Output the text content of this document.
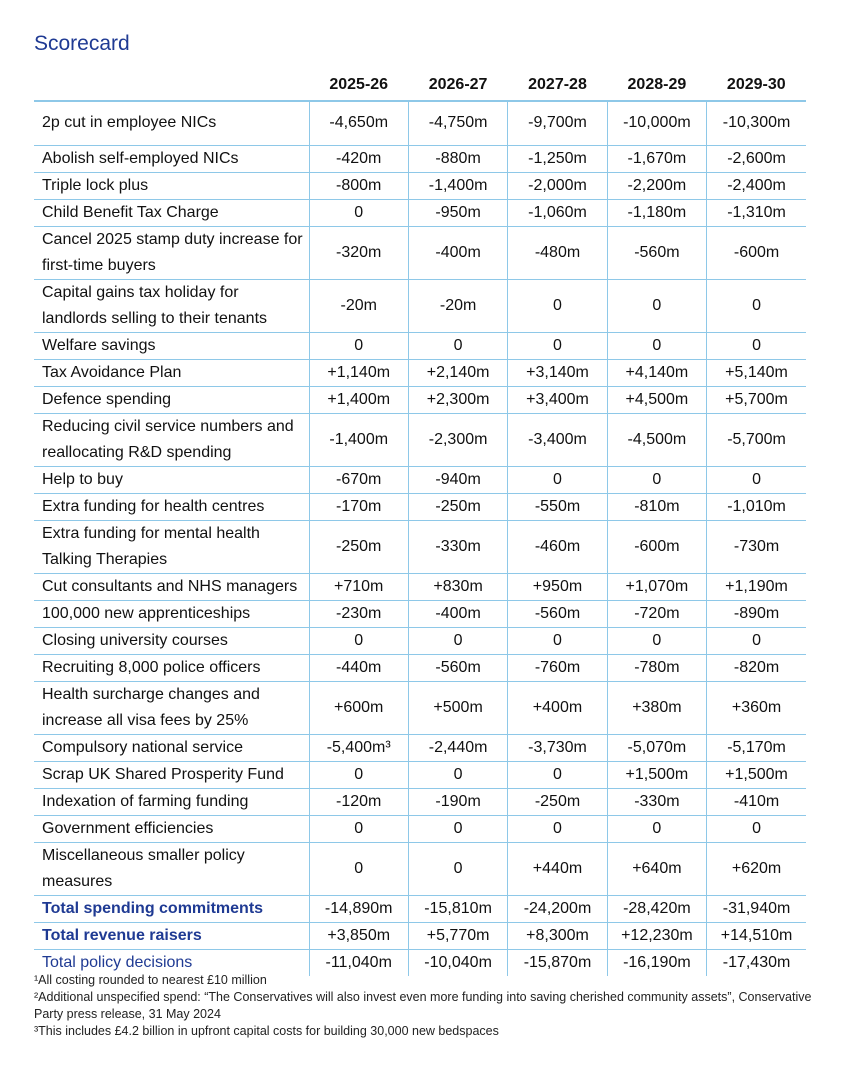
Scorecard
	2025-26	2026-27	2027-28	2028-29	2029-30
2p cut in employee NICs	-4,650m	-4,750m	-9,700m	-10,000m	-10,300m
Abolish self-employed NICs	-420m	-880m	-1,250m	-1,670m	-2,600m
Triple lock plus	-800m	-1,400m	-2,000m	-2,200m	-2,400m
Child Benefit Tax Charge	0	-950m	-1,060m	-1,180m	-1,310m
Cancel 2025 stamp duty increase for first-time buyers	-320m	-400m	-480m	-560m	-600m
Capital gains tax holiday for landlords selling to their tenants	-20m	-20m	0	0	0
Welfare savings	0	0	0	0	0
Tax Avoidance Plan	+1,140m	+2,140m	+3,140m	+4,140m	+5,140m
Defence spending	+1,400m	+2,300m	+3,400m	+4,500m	+5,700m
Reducing civil service numbers and reallocating R&D spending	-1,400m	-2,300m	-3,400m	-4,500m	-5,700m
Help to buy	-670m	-940m	0	0	0
Extra funding for health centres	-170m	-250m	-550m	-810m	-1,010m
Extra funding for mental health Talking Therapies	-250m	-330m	-460m	-600m	-730m
Cut consultants and NHS managers	+710m	+830m	+950m	+1,070m	+1,190m
100,000 new apprenticeships	-230m	-400m	-560m	-720m	-890m
Closing university courses	0	0	0	0	0
Recruiting 8,000 police officers	-440m	-560m	-760m	-780m	-820m
Health surcharge changes and increase all visa fees by 25%	+600m	+500m	+400m	+380m	+360m
Compulsory national service	-5,400m³	-2,440m	-3,730m	-5,070m	-5,170m
Scrap UK Shared Prosperity Fund	0	0	0	+1,500m	+1,500m
Indexation of farming funding	-120m	-190m	-250m	-330m	-410m
Government efficiencies	0	0	0	0	0
Miscellaneous smaller policy measures	0	0	+440m	+640m	+620m
Total spending commitments	-14,890m	-15,810m	-24,200m	-28,420m	-31,940m
Total revenue raisers	+3,850m	+5,770m	+8,300m	+12,230m	+14,510m
Total policy decisions	-11,040m	-10,040m	-15,870m	-16,190m	-17,430m
¹All costing rounded to nearest £10 million
²Additional unspecified spend: “The Conservatives will also invest even more funding into saving cherished community assets”, Conservative Party press release, 31 May 2024
³This includes £4.2 billion in upfront capital costs for building 30,000 new bedspaces
